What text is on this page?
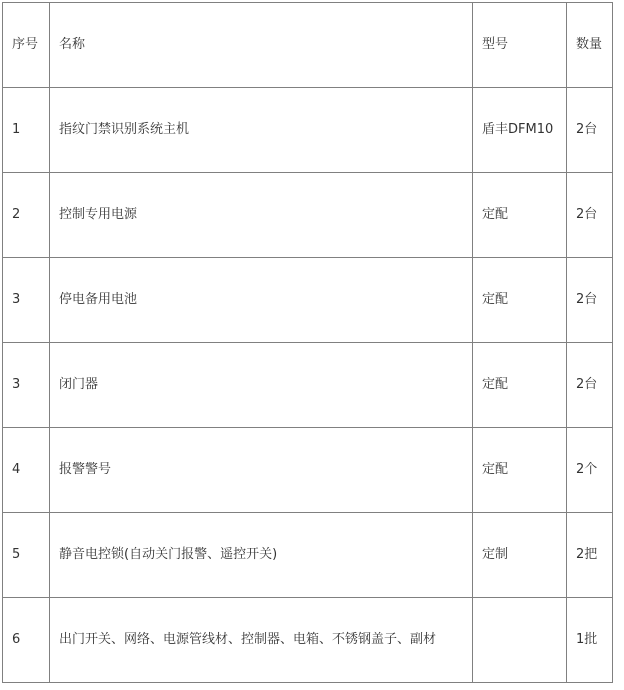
序号	名称	型号	数量
1	指纹门禁识别系统主机	盾丰DFM10	2台
2	控制专用电源	定配	2台
3	停电备用电池	定配	2台
3	闭门器	定配	2台
4	报警警号	定配	2个
5	静音电控锁(自动关门报警、遥控开关)	定制	2把
6	出门开关、网络、电源管线材、控制器、电箱、不锈钢盖子、副材		1批
